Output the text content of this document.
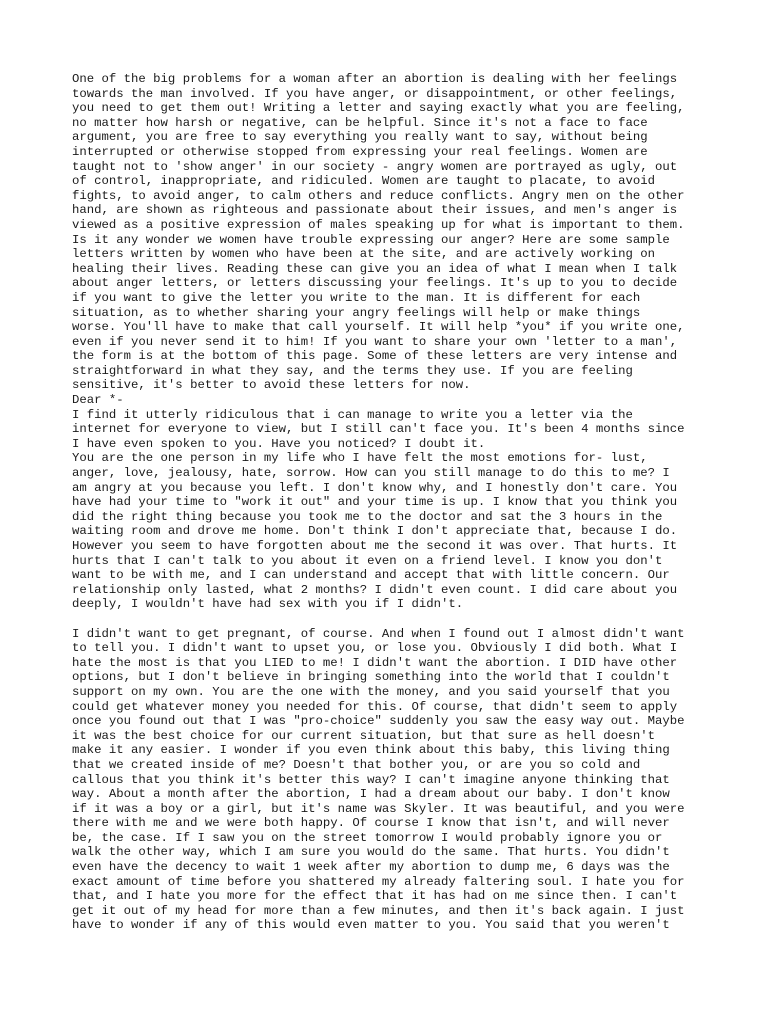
One of the big problems for a woman after an abortion is dealing with her feelings
towards the man involved. If you have anger, or disappointment, or other feelings,
you need to get them out! Writing a letter and saying exactly what you are feeling,
no matter how harsh or negative, can be helpful. Since it's not a face to face
argument, you are free to say everything you really want to say, without being
interrupted or otherwise stopped from expressing your real feelings. Women are
taught not to 'show anger' in our society - angry women are portrayed as ugly, out
of control, inappropriate, and ridiculed. Women are taught to placate, to avoid
fights, to avoid anger, to calm others and reduce conflicts. Angry men on the other
hand, are shown as righteous and passionate about their issues, and men's anger is
viewed as a positive expression of males speaking up for what is important to them.
Is it any wonder we women have trouble expressing our anger? Here are some sample
letters written by women who have been at the site, and are actively working on
healing their lives. Reading these can give you an idea of what I mean when I talk
about anger letters, or letters discussing your feelings. It's up to you to decide
if you want to give the letter you write to the man. It is different for each
situation, as to whether sharing your angry feelings will help or make things
worse. You'll have to make that call yourself. It will help *you* if you write one,
even if you never send it to him! If you want to share your own 'letter to a man',
the form is at the bottom of this page. Some of these letters are very intense and
straightforward in what they say, and the terms they use. If you are feeling
sensitive, it's better to avoid these letters for now.
Dear *-
I find it utterly ridiculous that i can manage to write you a letter via the
internet for everyone to view, but I still can't face you. It's been 4 months since
I have even spoken to you. Have you noticed? I doubt it.
You are the one person in my life who I have felt the most emotions for- lust,
anger, love, jealousy, hate, sorrow. How can you still manage to do this to me? I
am angry at you because you left. I don't know why, and I honestly don't care. You
have had your time to "work it out" and your time is up. I know that you think you
did the right thing because you took me to the doctor and sat the 3 hours in the
waiting room and drove me home. Don't think I don't appreciate that, because I do.
However you seem to have forgotten about me the second it was over. That hurts. It
hurts that I can't talk to you about it even on a friend level. I know you don't
want to be with me, and I can understand and accept that with little concern. Our
relationship only lasted, what 2 months? I didn't even count. I did care about you
deeply, I wouldn't have had sex with you if I didn't.
I didn't want to get pregnant, of course. And when I found out I almost didn't want
to tell you. I didn't want to upset you, or lose you. Obviously I did both. What I
hate the most is that you LIED to me! I didn't want the abortion. I DID have other
options, but I don't believe in bringing something into the world that I couldn't
support on my own. You are the one with the money, and you said yourself that you
could get whatever money you needed for this. Of course, that didn't seem to apply
once you found out that I was "pro-choice" suddenly you saw the easy way out. Maybe
it was the best choice for our current situation, but that sure as hell doesn't
make it any easier. I wonder if you even think about this baby, this living thing
that we created inside of me? Doesn't that bother you, or are you so cold and
callous that you think it's better this way? I can't imagine anyone thinking that
way. About a month after the abortion, I had a dream about our baby. I don't know
if it was a boy or a girl, but it's name was Skyler. It was beautiful, and you were
there with me and we were both happy. Of course I know that isn't, and will never
be, the case. If I saw you on the street tomorrow I would probably ignore you or
walk the other way, which I am sure you would do the same. That hurts. You didn't
even have the decency to wait 1 week after my abortion to dump me, 6 days was the
exact amount of time before you shattered my already faltering soul. I hate you for
that, and I hate you more for the effect that it has had on me since then. I can't
get it out of my head for more than a few minutes, and then it's back again. I just
have to wonder if any of this would even matter to you. You said that you weren't
